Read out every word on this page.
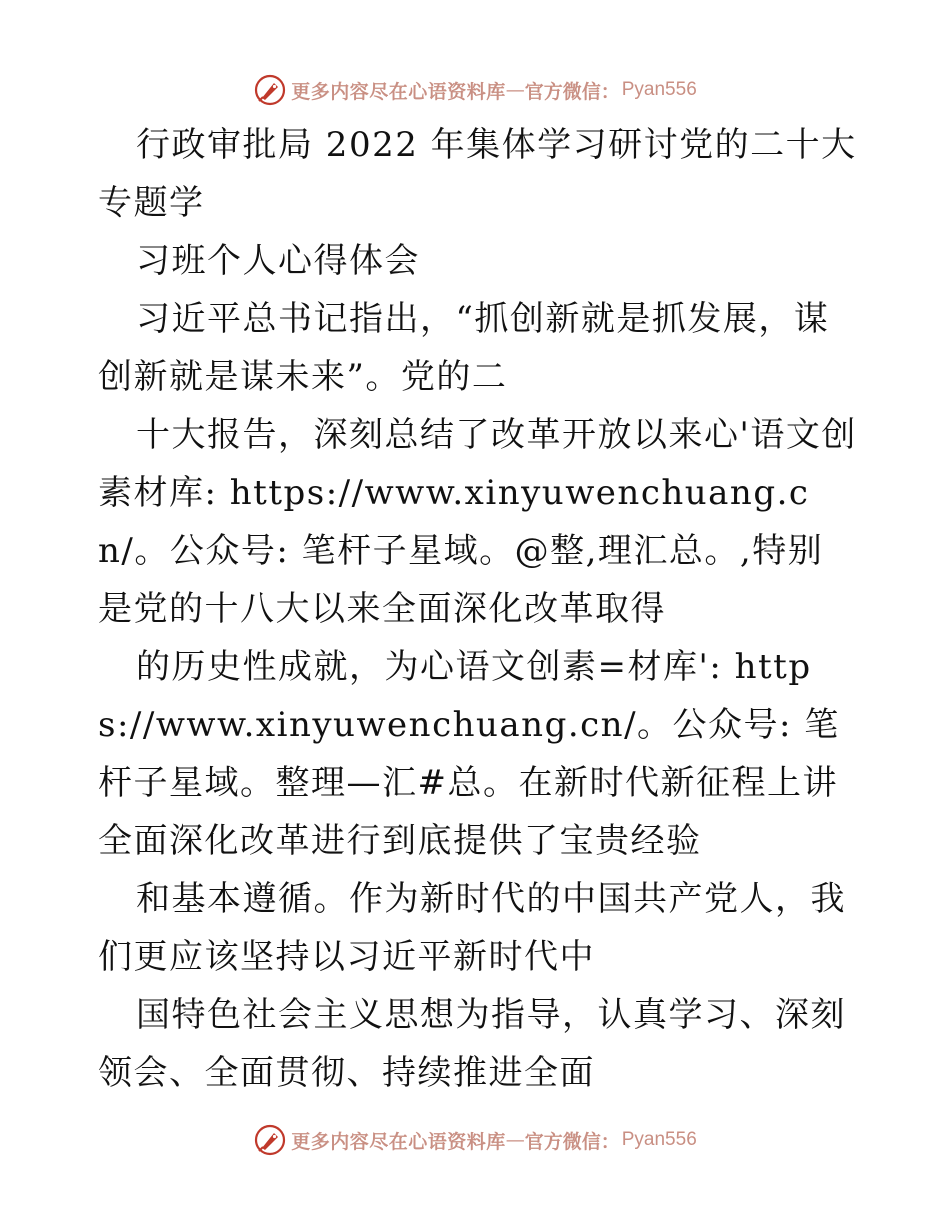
更多内容尽在心语资料库 — 官方微信： Pyan556

行政审批局 2022 年集体学习研讨党的二十大专题学

习班个人心得体会

习近平总书记指出，“抓创新就是抓发展，谋创新就是谋未来”。党的二

十大报告，深刻总结了改革开放以来心'语文创素材库: https://www.xinyuwenchuang.cn/。公众号: 笔杆子星域。@整,理汇总。,特别是党的十八大以来全面深化改革取得

的历史性成就，为心语文创素=材库': https://www.xinyuwenchuang.cn/。公众号: 笔杆子星域。整理—汇#总。在新时代新征程上讲全面深化改革进行到底提供了宝贵经验

和基本遵循。作为新时代的中国共产党人，我们更应该坚持以习近平新时代中

国特色社会主义思想为指导，认真学习、深刻领会、全面贯彻、持续推进全面

更多内容尽在心语资料库 — 官方微信： Pyan556
